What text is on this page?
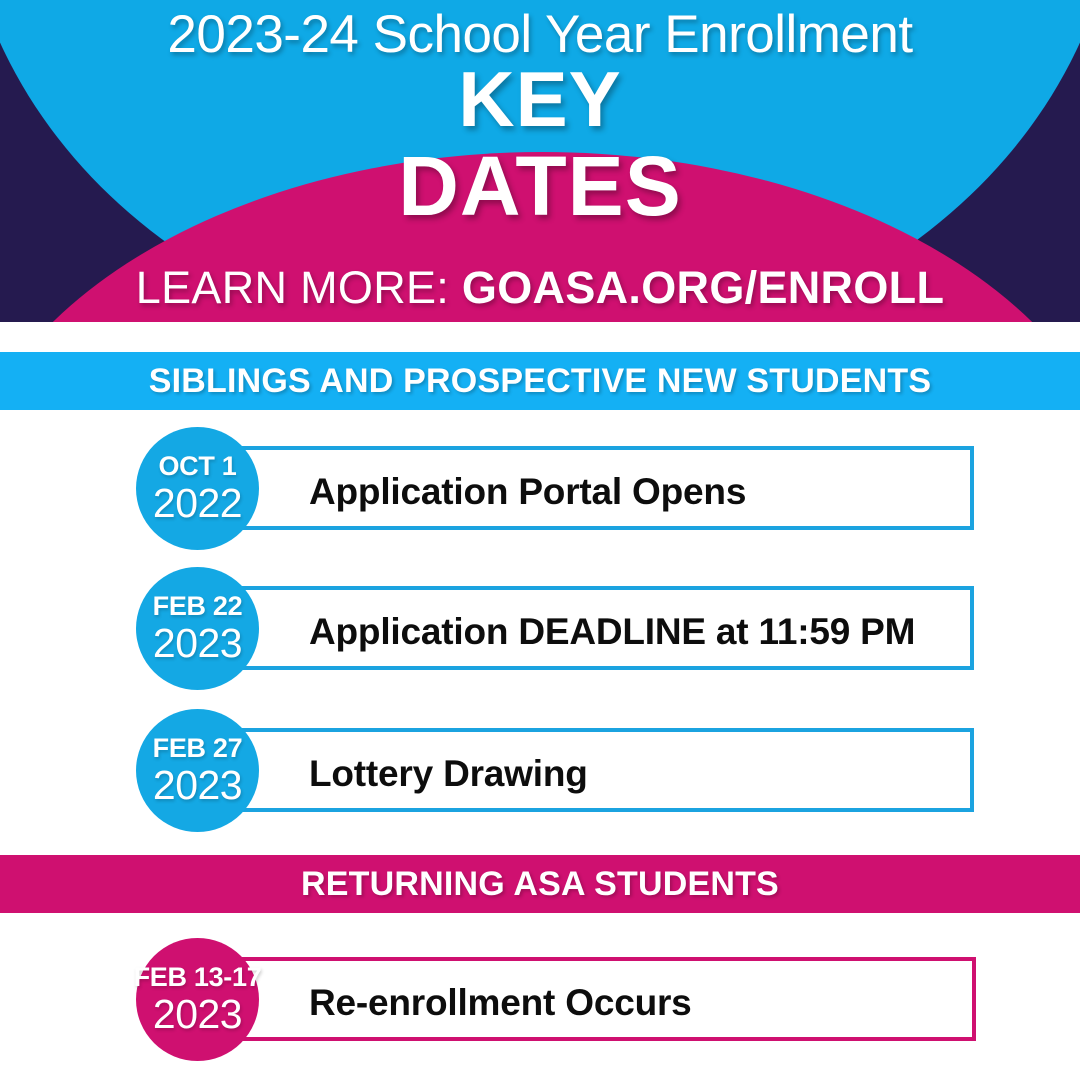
2023-24 School Year Enrollment
KEY
DATES
LEARN MORE: GOASA.ORG/ENROLL
SIBLINGS AND PROSPECTIVE NEW STUDENTS
Application Portal Opens
OCT 1
2022
Application DEADLINE at 11:59 PM
FEB 22
2023
Lottery Drawing
FEB 27
2023
RETURNING ASA STUDENTS
Re-enrollment Occurs
FEB 13-17
2023
